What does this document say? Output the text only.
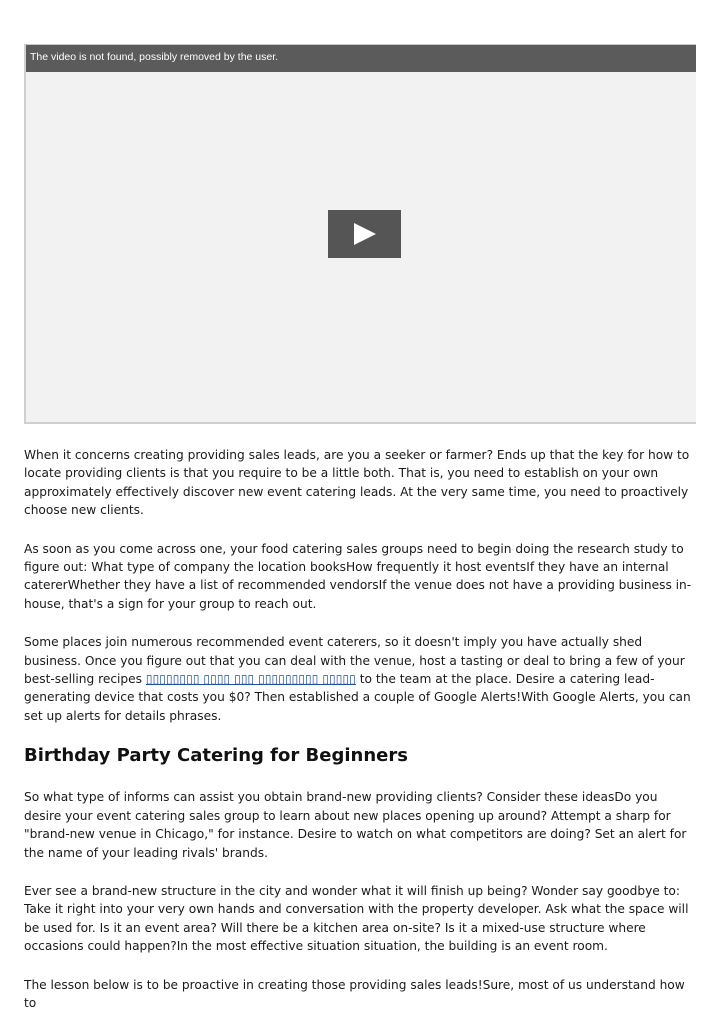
The video is not found, possibly removed by the user.

When it concerns creating providing sales leads, are you a seeker or farmer? Ends up that the key for how to locate providing clients is that you require to be a little both. That is, you need to establish on your own approximately effectively discover new event catering leads. At the very same time, you need to proactively choose new clients.

As soon as you come across one, your food catering sales groups need to begin doing the research study to figure out: What type of company the location booksHow frequently it host eventsIf they have an internal catererWhether they have a list of recommended vendorsIf the venue does not have a providing business in-house, that's a sign for your group to reach out.

Some places join numerous recommended event caterers, so it doesn't imply you have actually shed business. Once you figure out that you can deal with the venue, host a tasting or deal to bring a few of your best-selling recipes ▯▯▯▯▯▯▯▯ ▯▯▯▯ ▯▯▯ ▯▯▯▯▯▯▯▯▯ ▯▯▯▯▯ to the team at the place. Desire a catering lead-generating device that costs you $0? Then established a couple of Google Alerts!With Google Alerts, you can set up alerts for details phrases.

Birthday Party Catering for Beginners

So what type of informs can assist you obtain brand-new providing clients? Consider these ideasDo you desire your event catering sales group to learn about new places opening up around? Attempt a sharp for "brand-new venue in Chicago," for instance. Desire to watch on what competitors are doing? Set an alert for the name of your leading rivals' brands.

Ever see a brand-new structure in the city and wonder what it will finish up being? Wonder say goodbye to: Take it right into your very own hands and conversation with the property developer. Ask what the space will be used for. Is it an event area? Will there be a kitchen area on-site? Is it a mixed-use structure where occasions could happen?In the most effective situation situation, the building is an event room.

The lesson below is to be proactive in creating those providing sales leads!Sure, most of us understand how to
